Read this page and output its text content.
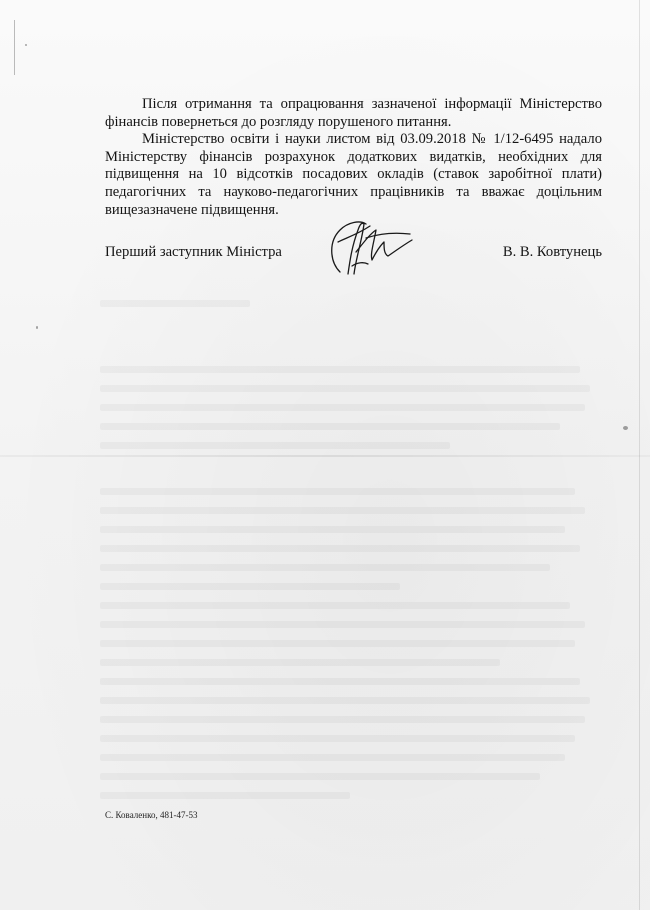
Після отримання та опрацювання зазначеної інформації Міністерство фінансів повернеться до розгляду порушеного питання.

Міністерство освіти і науки листом від 03.09.2018 № 1/12-6495 надало Міністерству фінансів розрахунок додаткових видатків, необхідних для підвищення на 10 відсотків посадових окладів (ставок заробітної плати) педагогічних та науково-педагогічних працівників та вважає доцільним вищезазначене підвищення.

Перший заступник Міністра	В. В. Ковтунець
С. Коваленко, 481-47-53
